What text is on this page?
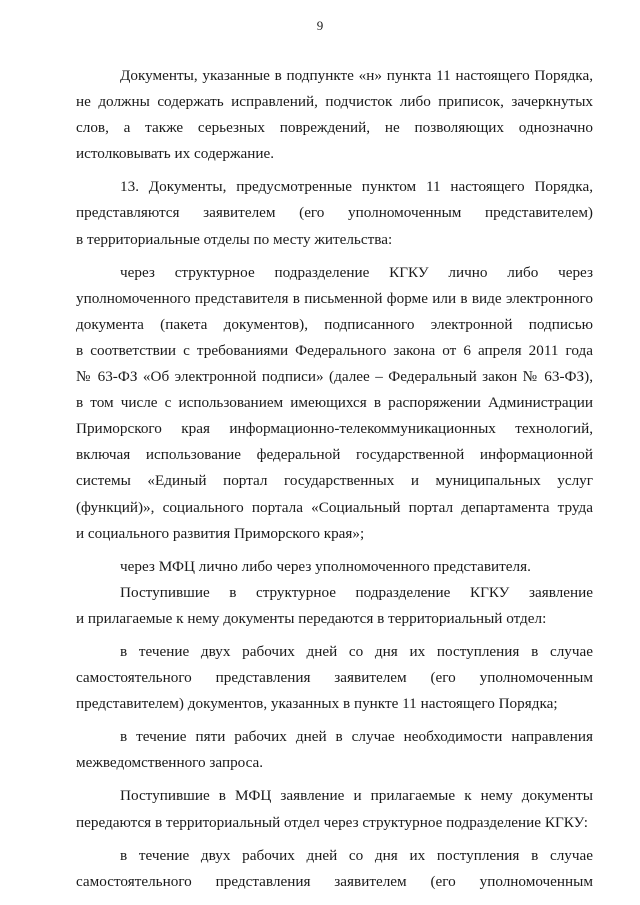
9
Документы, указанные в подпункте «н» пункта 11 настоящего Порядка,
не должны содержать исправлений, подчисток либо приписок, зачеркнутых
слов, а также серьезных повреждений, не позволяющих однозначно
истолковывать их содержание.
13. Документы, предусмотренные пунктом 11 настоящего Порядка,
представляются заявителем (его уполномоченным представителем)
в территориальные отделы по месту жительства:
через структурное подразделение КГКУ лично либо через
уполномоченного представителя в письменной форме или в виде электронного
документа (пакета документов), подписанного электронной подписью
в соответствии с требованиями Федерального закона от 6 апреля 2011 года
№ 63-ФЗ «Об электронной подписи» (далее – Федеральный закон № 63-ФЗ),
в том числе с использованием имеющихся в распоряжении Администрации
Приморского края информационно-телекоммуникационных технологий,
включая использование федеральной государственной информационной
системы «Единый портал государственных и муниципальных услуг
(функций)», социального портала «Социальный портал департамента труда
и социального развития Приморского края»;
через МФЦ лично либо через уполномоченного представителя.
Поступившие в структурное подразделение КГКУ заявление
и прилагаемые к нему документы передаются в территориальный отдел:
в течение двух рабочих дней со дня их поступления в случае
самостоятельного представления заявителем (его уполномоченным
представителем) документов, указанных в пункте 11 настоящего Порядка;
в течение пяти рабочих дней в случае необходимости направления
межведомственного запроса.
Поступившие в МФЦ заявление и прилагаемые к нему документы
передаются в территориальный отдел через структурное подразделение КГКУ:
в течение двух рабочих дней со дня их поступления в случае
самостоятельного представления заявителем (его уполномоченным
